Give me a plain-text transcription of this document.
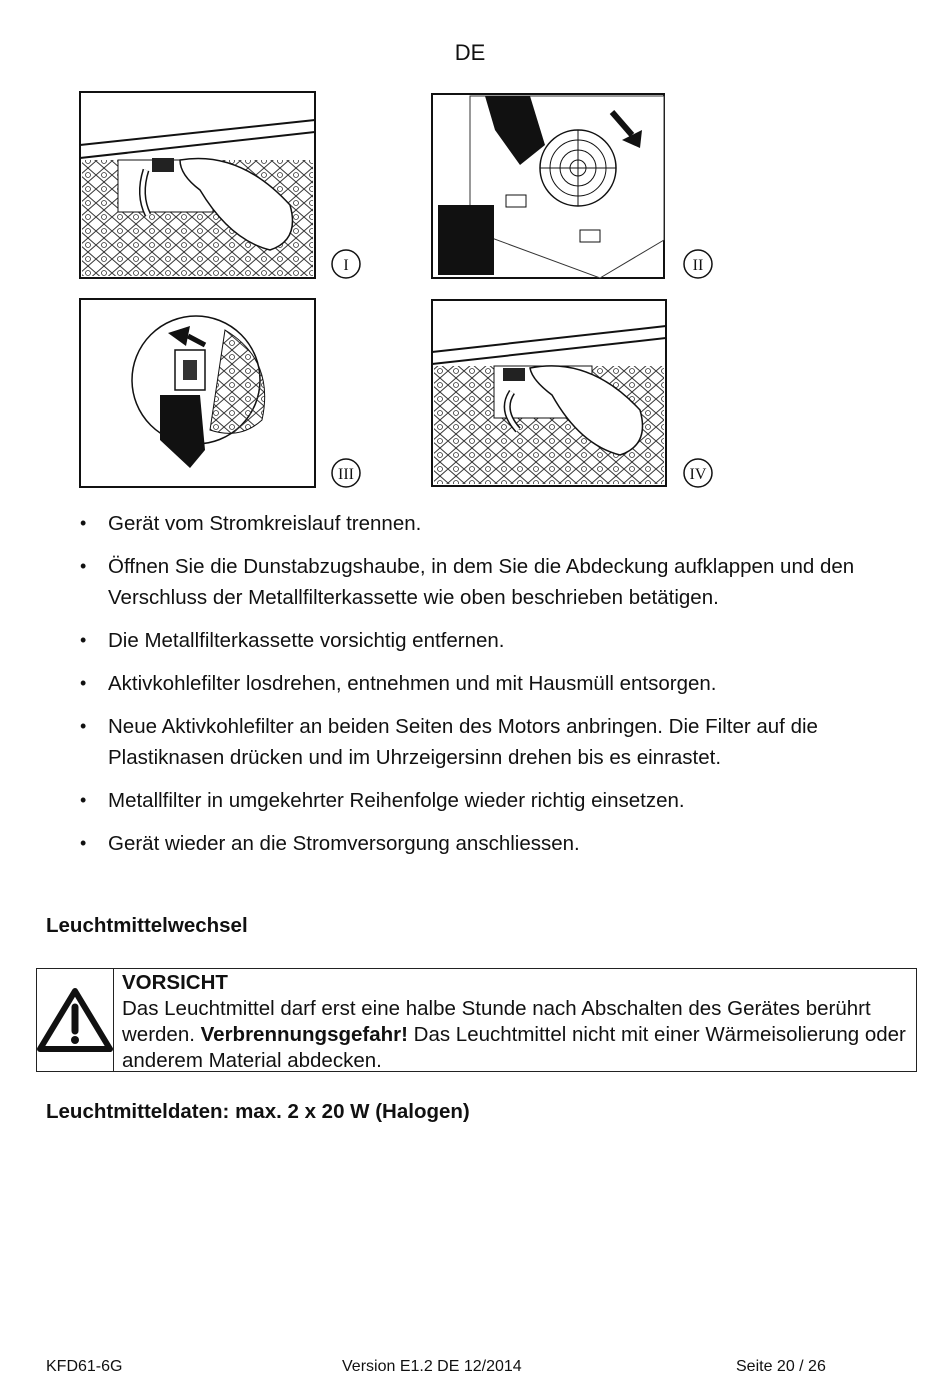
DE
I	II
III	IV
• Gerät vom Stromkreislauf trennen.
• Öffnen Sie die Dunstabzugshaube, in dem Sie die Abdeckung aufklappen und den Verschluss der Metallfilterkassette wie oben beschrieben betätigen.
• Die Metallfilterkassette vorsichtig entfernen.
• Aktivkohlefilter losdrehen, entnehmen und mit Hausmüll entsorgen.
• Neue Aktivkohlefilter an beiden Seiten des Motors anbringen. Die Filter auf die Plastiknasen drücken und im Uhrzeigersinn drehen bis es einrastet.
• Metallfilter in umgekehrter Reihenfolge wieder richtig einsetzen.
• Gerät wieder an die Stromversorgung anschliessen.
Leuchtmittelwechsel
VORSICHT
Das Leuchtmittel darf erst eine halbe Stunde nach Abschalten des Gerätes berührt werden. Verbrennungsgefahr! Das Leuchtmittel nicht mit einer Wärmeisolierung oder anderem Material abdecken.
Leuchtmitteldaten: max. 2 x 20 W (Halogen)
KFD61-6G	Version E1.2 DE 12/2014	Seite 20 / 26
